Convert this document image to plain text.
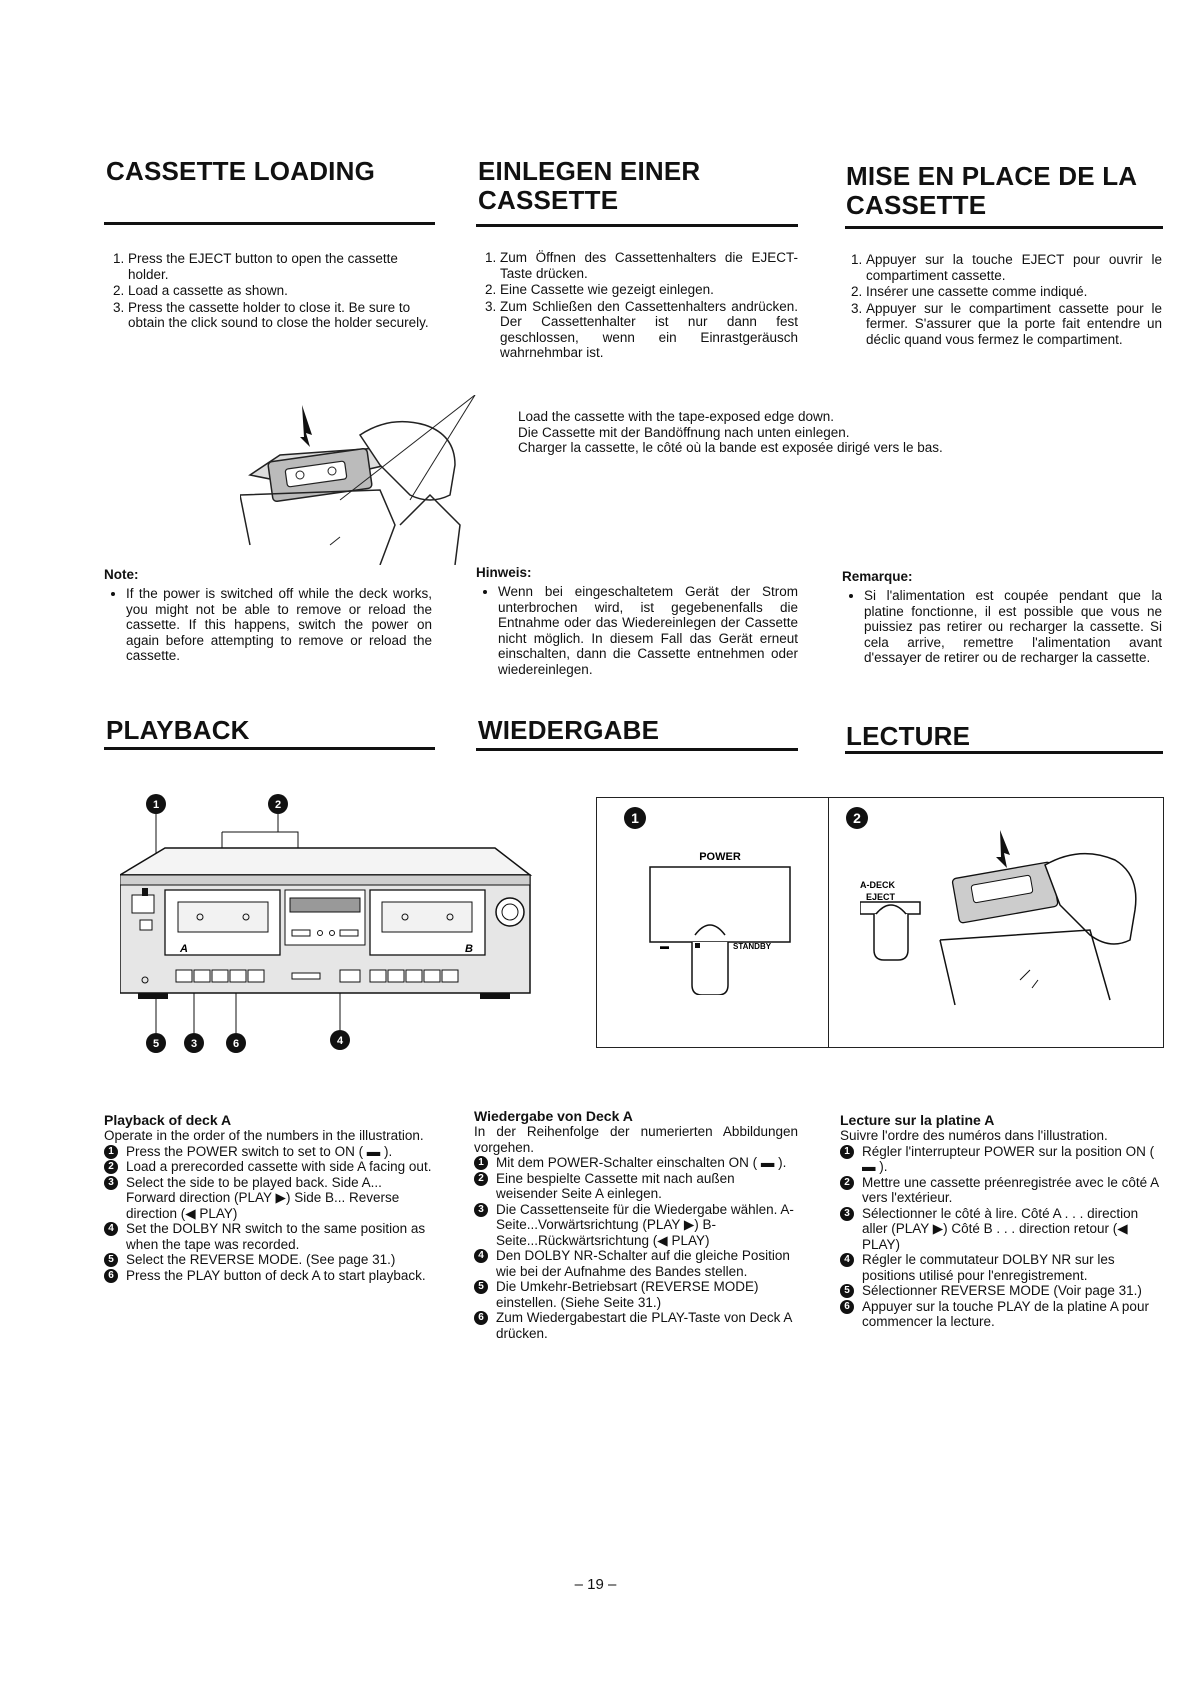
CASSETTE LOADING	EINLEGEN EINER CASSETTE
MISE EN PLACE DE LA CASSETTE
1. Press the EJECT button to open the cassette holder.
2. Load a cassette as shown.
3. Press the cassette holder to close it. Be sure to obtain the click sound to close the holder securely.
1. Zum Öffnen des Cassettenhalters die EJECT-Taste drücken.
2. Eine Cassette wie gezeigt einlegen.
3. Zum Schließen den Cassettenhalters andrücken. Der Cassettenhalter ist nur dann fest geschlossen, wenn ein Einrastgeräusch wahrnehmbar ist.
1. Appuyer sur la touche EJECT pour ouvrir le compartiment cassette.
2. Insérer une cassette comme indiqué.
3. Appuyer sur le compartiment cassette pour le fermer. S'assurer que la porte fait entendre un déclic quand vous fermez le compartiment.
Load the cassette with the tape-exposed edge down.
Die Cassette mit der Bandöffnung nach unten einlegen.
Charger la cassette, le côté où la bande est exposée dirigé vers le bas.
Note:
• If the power is switched off while the deck works, you might not be able to remove or reload the cassette. If this happens, switch the power on again before attempting to remove or reload the cassette.
Hinweis:
• Wenn bei eingeschaltetem Gerät der Strom unterbrochen wird, ist gegebenenfalls die Entnahme oder das Wiedereinlegen der Cassette nicht möglich. In diesem Fall das Gerät erneut einschalten, dann die Cassette entnehmen oder wiedereinlegen.
Remarque:
• Si l'alimentation est coupée pendant que la platine fonctionne, il est possible que vous ne puissiez pas retirer ou recharger la cassette. Si cela arrive, remettre l'alimentation avant d'essayer de retirer ou de recharger la cassette.
PLAYBACK	WIEDERGABE	LECTURE
1	2
5	3	6	4
A	B
1	2
POWER
▬	STANDBY
A-DECK
EJECT
Playback of deck A
Operate in the order of the numbers in the illustration.
1 Press the POWER switch to set to ON ( ▬ ).
2 Load a prerecorded cassette with side A facing out.
3 Select the side to be played back. Side A... Forward direction (PLAY ▶) Side B... Reverse direction (◀ PLAY)
4 Set the DOLBY NR switch to the same position as when the tape was recorded.
5 Select the REVERSE MODE. (See page 31.)
6 Press the PLAY button of deck A to start playback.
Wiedergabe von Deck A
In der Reihenfolge der numerierten Abbildungen vorgehen.
1 Mit dem POWER-Schalter einschalten ON ( ▬ ).
2 Eine bespielte Cassette mit nach außen weisender Seite A einlegen.
3 Die Cassettenseite für die Wiedergabe wählen. A-Seite...Vorwärtsrichtung (PLAY ▶) B-Seite...Rückwärtsrichtung (◀ PLAY)
4 Den DOLBY NR-Schalter auf die gleiche Position wie bei der Aufnahme des Bandes stellen.
5 Die Umkehr-Betriebsart (REVERSE MODE) einstellen. (Siehe Seite 31.)
6 Zum Wiedergabestart die PLAY-Taste von Deck A drücken.
Lecture sur la platine A
Suivre l'ordre des numéros dans l'illustration.
1 Régler l'interrupteur POWER sur la position ON ( ▬ ).
2 Mettre une cassette préenregistrée avec le côté A vers l'extérieur.
3 Sélectionner le côté à lire. Côté A . . . direction aller (PLAY ▶) Côté B . . . direction retour (◀ PLAY)
4 Régler le commutateur DOLBY NR sur les positions utilisé pour l'enregistrement.
5 Sélectionner REVERSE MODE (Voir page 31.)
6 Appuyer sur la touche PLAY de la platine A pour commencer la lecture.
– 19 –
